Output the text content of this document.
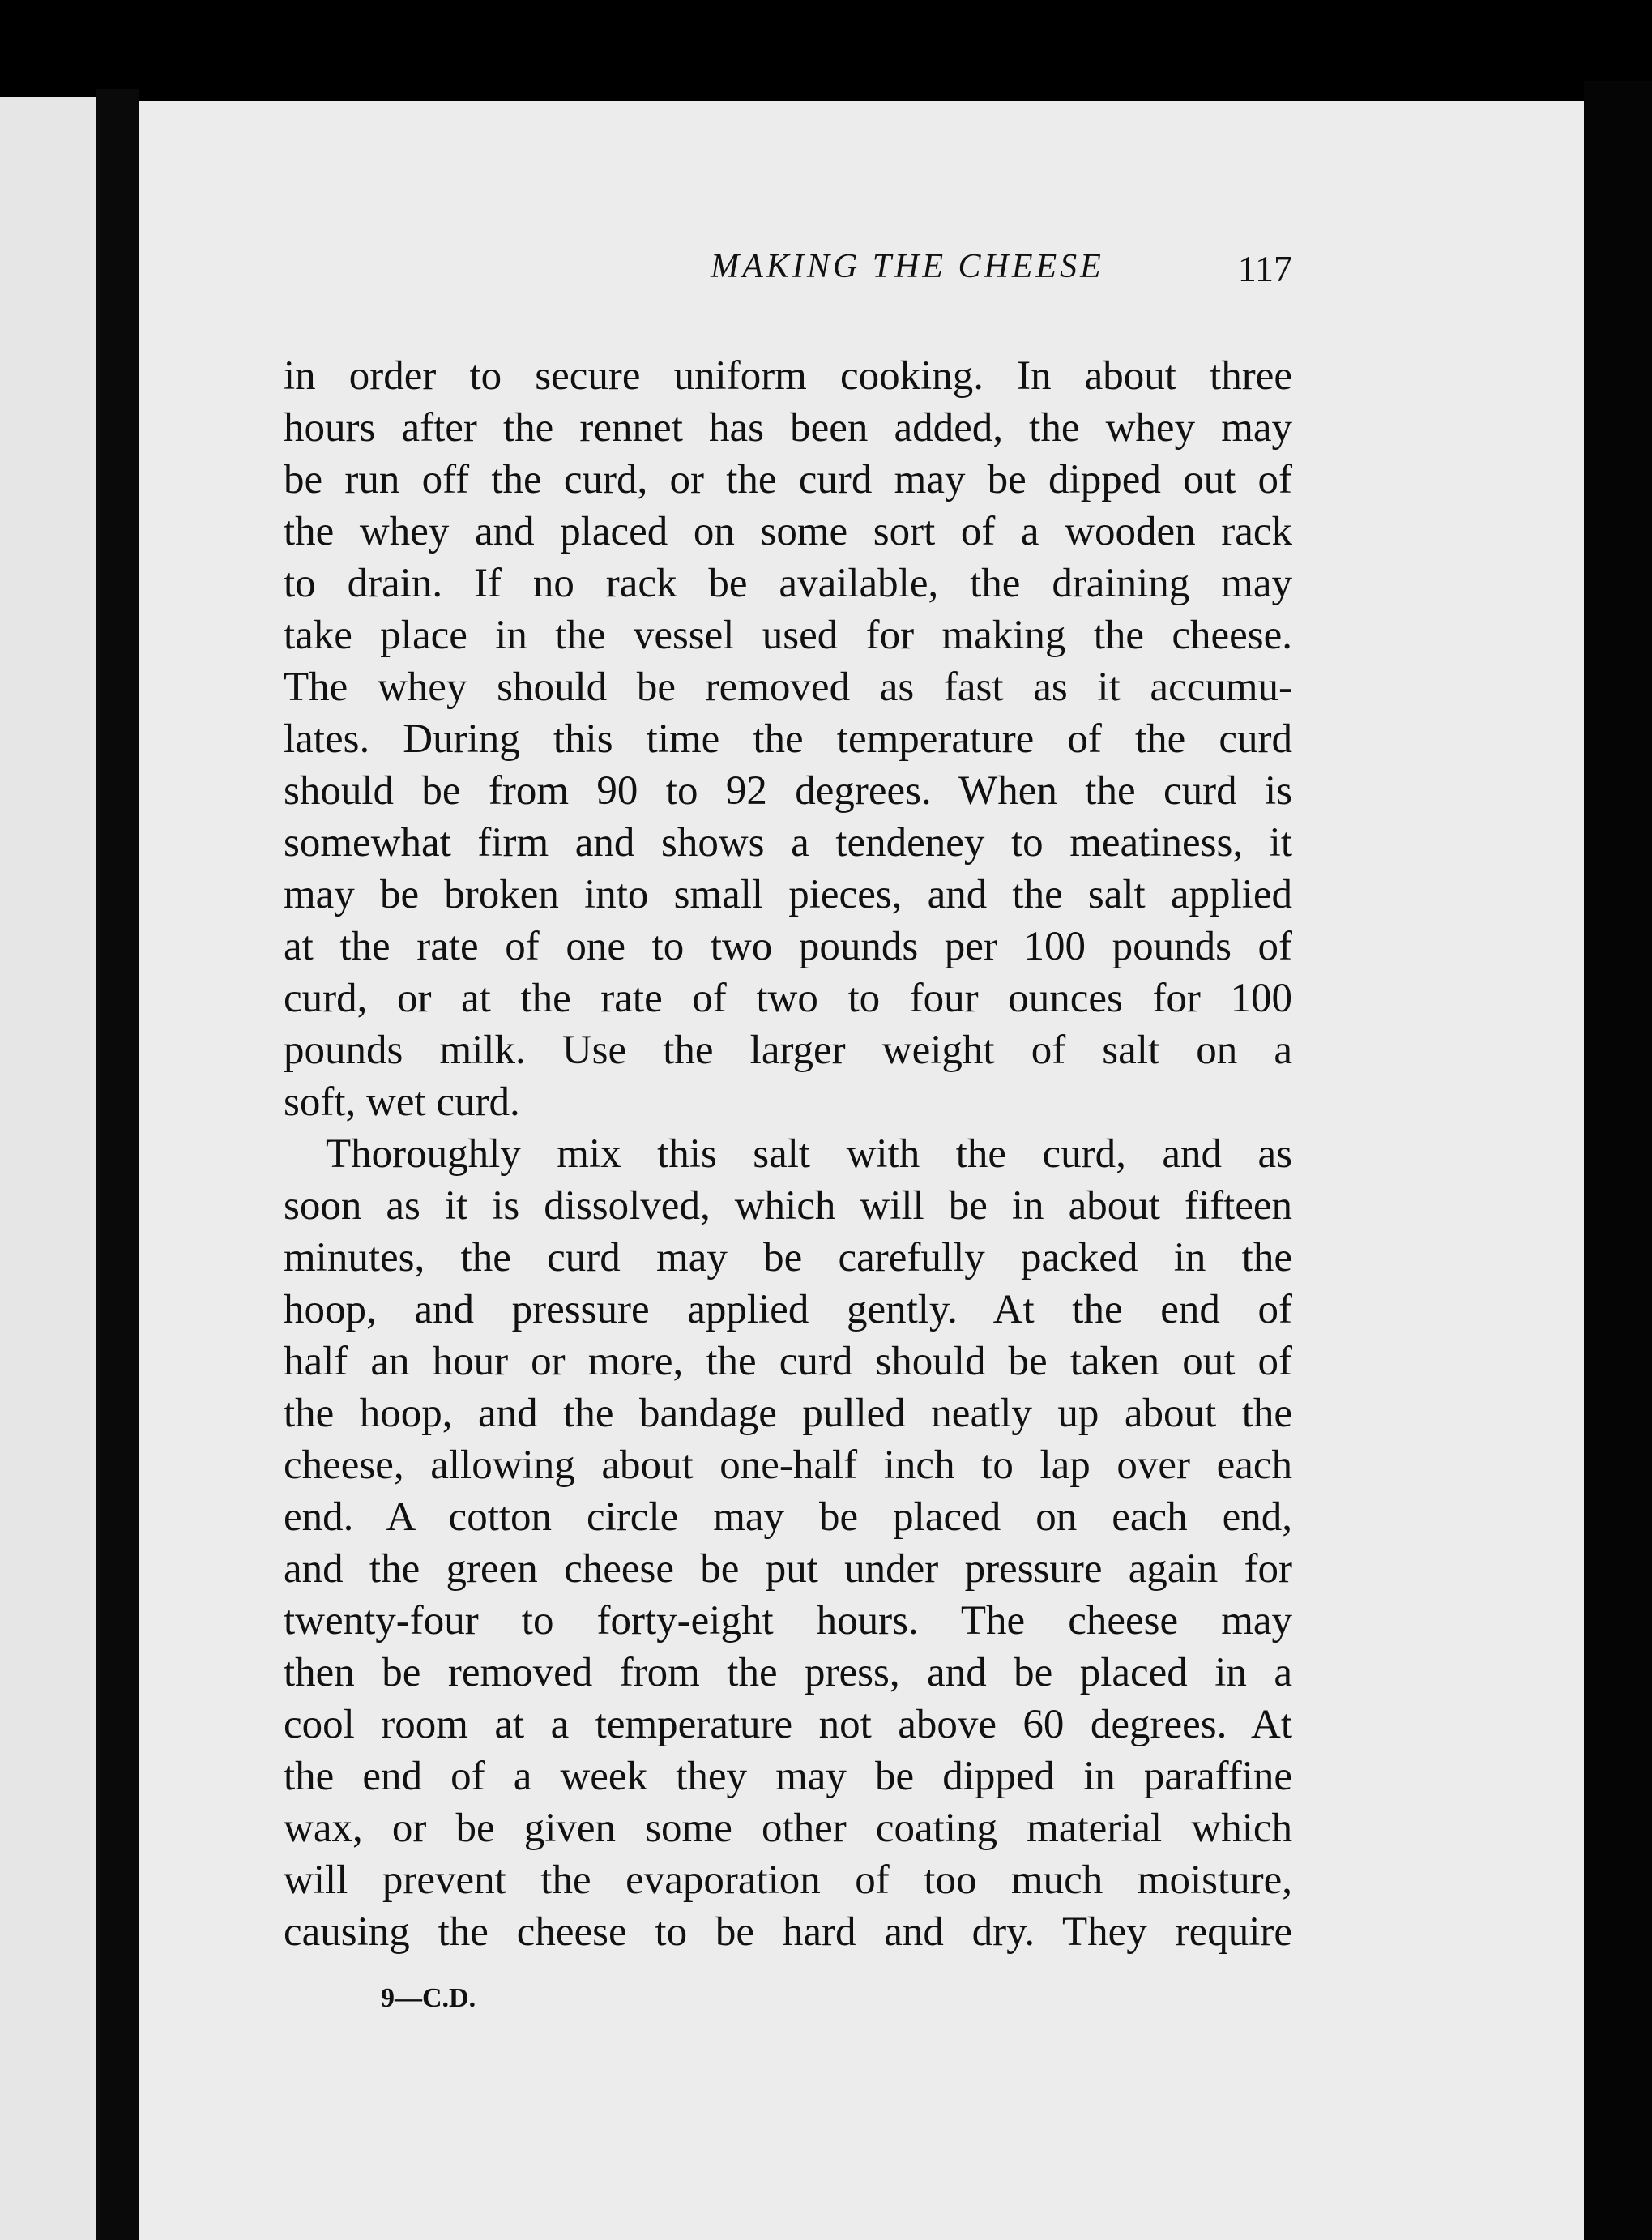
MAKING THE CHEESE	117
in order to secure uniform cooking. In about three
hours after the rennet has been added, the whey may
be run off the curd, or the curd may be dipped out of
the whey and placed on some sort of a wooden rack
to drain. If no rack be available, the draining may
take place in the vessel used for making the cheese.
The whey should be removed as fast as it accumu-
lates. During this time the temperature of the curd
should be from 90 to 92 degrees. When the curd is
somewhat firm and shows a tendeney to meatiness, it
may be broken into small pieces, and the salt applied
at the rate of one to two pounds per 100 pounds of
curd, or at the rate of two to four ounces for 100
pounds milk. Use the larger weight of salt on a
soft, wet curd.
Thoroughly mix this salt with the curd, and as
soon as it is dissolved, which will be in about fifteen
minutes, the curd may be carefully packed in the
hoop, and pressure applied gently. At the end of
half an hour or more, the curd should be taken out of
the hoop, and the bandage pulled neatly up about the
cheese, allowing about one-half inch to lap over each
end. A cotton circle may be placed on each end,
and the green cheese be put under pressure again for
twenty-four to forty-eight hours. The cheese may
then be removed from the press, and be placed in a
cool room at a temperature not above 60 degrees. At
the end of a week they may be dipped in paraffine
wax, or be given some other coating material which
will prevent the evaporation of too much moisture,
causing the cheese to be hard and dry. They require
9—C.D.
